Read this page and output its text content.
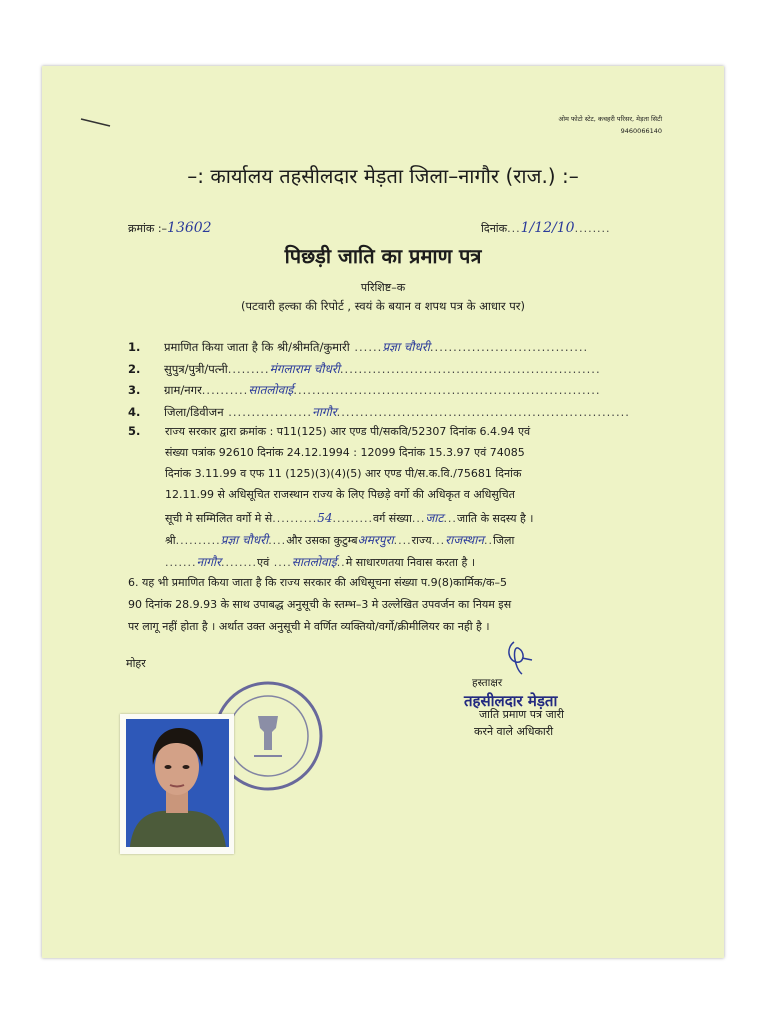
ओम फोटो स्टेट, कचहरी परिसर, मेड़ता सिटी
9460066140
–: कार्यालय तहसीलदार मेड़ता जिला–नागौर (राज.) :–
क्रमांक :–13602	दिनांक...1/12/10........
पिछड़ी जाति का प्रमाण पत्र
परिशिष्ट–क
(पटवारी हल्का की रिपोर्ट , स्वयं के बयान व शपथ पत्र के आधार पर)
1. प्रमाणित किया जाता है कि श्री/श्रीमति/कुमारी ......प्रज्ञा चौधरी..................................
2. सुपुत्र/पुत्री/पत्नी.........मंगलाराम चौधरी........................................................
3. ग्राम/नगर..........सातलोवाई..................................................................
4. जिला/डिवीजन ..................नागौर...............................................................
5.	राज्य सरकार द्वारा क्रमांक : प11(125) आर एण्ड पी/सकवि/52307 दिनांक 6.4.94 एवं
संख्या पत्रांक 92610 दिनांक 24.12.1994 : 12099 दिनांक 15.3.97 एवं 74085
दिनांक 3.11.99 व एफ 11 (125)(3)(4)(5) आर एण्ड पी/स.क.वि./75681 दिनांक
12.11.99 से अधिसूचित राजस्थान राज्य के लिए पिछड़े वर्गो की अधिकृत व अधिसुचित
सूची मे सम्मिलित वर्गो मे से..........54.........वर्ग संख्या...जाट...जाति के सदस्य है ।
श्री..........प्रज्ञा चौधरी....और उसका कुटुम्बअमरपुरा....राज्य...राजस्थान..जिला
.......नागौर........एवं ....सातलोवाई..मे साधारणतया निवास करता है ।
6. यह भी प्रमाणित किया जाता है कि राज्य सरकार की अधिसूचना संख्या प.9(8)कार्मिक/क–5
90 दिनांक 28.9.93 के साथ उपाबद्ध अनुसूची के स्तम्भ–3 मे उल्लेखित उपवर्जन का नियम इस
पर लागू नहीं होता है । अर्थात उक्त अनुसूची मे वर्णित व्यक्तियो/वर्गो/क्रीमीलियर का नही है ।
मोहर
हस्ताक्षर
तहसीलदार मेड़ता
जाति प्रमाण पत्र जारी
करने वाले अधिकारी
